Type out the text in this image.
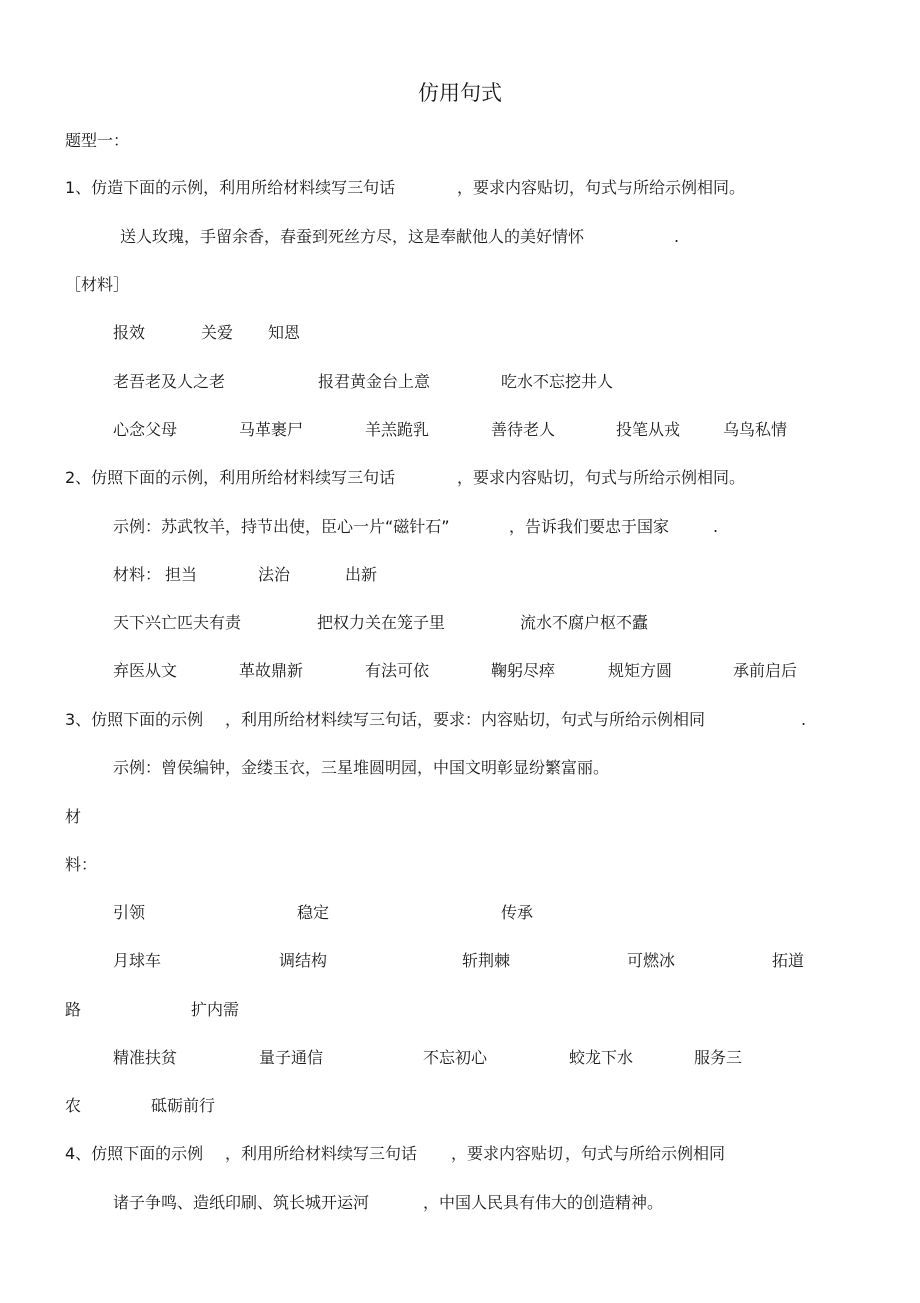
仿用句式
题型一：
1、仿造下面的示例，利用所给材料续写三句话	，要求内容贴切，句式与所给示例相同。
送人玫瑰，手留余香，春蚕到死丝方尽，这是奉献他人的美好情怀	.
［材料］
报效	关爱 知恩
老吾老及人之老	报君黄金台上意	吃水不忘挖井人
心念父母	马革裹尸	羊羔跪乳	善待老人	投笔从戎	乌鸟私情
2、仿照下面的示例，利用所给材料续写三句话	，要求内容贴切，句式与所给示例相同。
示例：苏武牧羊，持节出使，臣心一片“磁针石”	，告诉我们要忠于国家	.
材料： 担当	法治	出新
天下兴亡匹夫有责	把权力关在笼子里	流水不腐户枢不蠹
弃医从文	革故鼎新	有法可依	鞠躬尽瘁	规矩方圆	承前启后
3、仿照下面的示例 ，利用所给材料续写三句话，要求：内容贴切，句式与所给示例相同	.
示例：曾侯编钟，金缕玉衣，三星堆圆明园，中国文明彰显纷繁富丽。
材
料：
引领	稳定	传承
月球车	调结构	斩荆棘	可燃冰	拓道
路	扩内需
精准扶贫	量子通信	不忘初心	蛟龙下水	服务三
农	砥砺前行
4、仿照下面的示例 ，利用所给材料续写三句话 ，要求内容贴切 ，句式与所给示例相同
诸子争鸣、造纸印刷、筑长城开运河	，中国人民具有伟大的创造精神。
